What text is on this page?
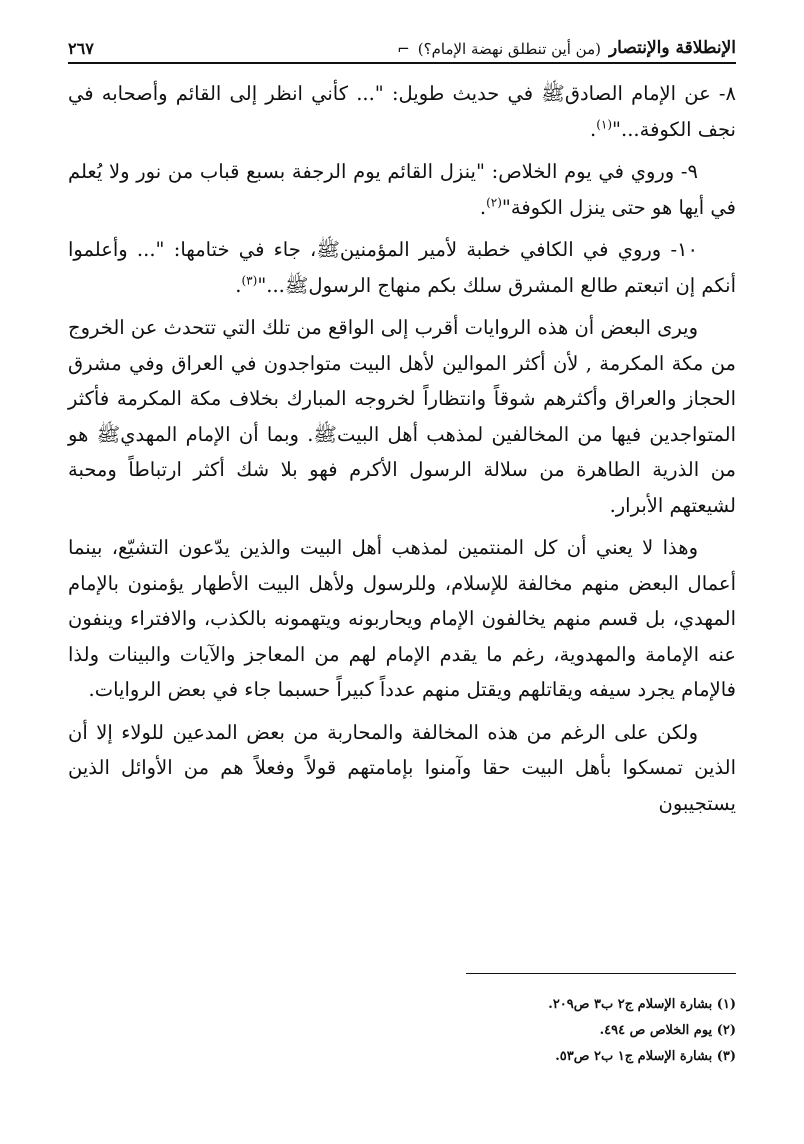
الإنطلاقة والإنتصار
(من أين تنطلق نهضة الإمام؟)
⌐
٢٦٧

٨- عن الإمام الصادقﷺ في حديث طويل: "... كأني انظر إلى القائم وأصحابه في نجف الكوفة..."$^{(١)}$.

٩- وروي في يوم الخلاص: "ينزل القائم يوم الرجفة بسبع قباب من نور ولا يُعلم في أيها هو حتى ينزل الكوفة"$^{(٢)}$.

١٠- وروي في الكافي خطبة لأمير المؤمنينﷺ، جاء في ختامها: "... وأعلموا أنكم إن اتبعتم طالع المشرق سلك بكم منهاج الرسولﷺ..."$^{(٣)}$.

ويرى البعض أن هذه الروايات أقرب إلى الواقع من تلك التي تتحدث عن الخروج من مكة المكرمة , لأن أكثر الموالين لأهل البيت متواجدون في العراق وفي مشرق الحجاز والعراق وأكثرهم شوقاً وانتظاراً لخروجه المبارك بخلاف مكة المكرمة فأكثر المتواجدين فيها من المخالفين لمذهب أهل البيتﷺ. وبما أن الإمام المهديﷺ هو من الذرية الطاهرة من سلالة الرسول الأكرم فهو بلا شك أكثر ارتباطاً ومحبة لشيعتهم الأبرار.

وهذا لا يعني أن كل المنتمين لمذهب أهل البيت والذين يدّعون التشيّع، بينما أعمال البعض منهم مخالفة للإسلام، وللرسول ولأهل البيت الأطهار يؤمنون بالإمام المهدي، بل قسم منهم يخالفون الإمام ويحاربونه ويتهمونه بالكذب، والافتراء وينفون عنه الإمامة والمهدوية، رغم ما يقدم الإمام لهم من المعاجز والآيات والبينات ولذا فالإمام يجرد سيفه ويقاتلهم ويقتل منهم عدداً كبيراً حسبما جاء في بعض الروايات.

ولكن على الرغم من هذه المخالفة والمحاربة من بعض المدعين للولاء إلا أن الذين تمسكوا بأهل البيت حقا وآمنوا بإمامتهم قولاً وفعلاً هم من الأوائل الذين يستجيبون

(١) بشارة الإسلام ج٢ ب٣ ص٢٠٩.

(٢) يوم الخلاص ص ٤٩٤.

(٣) بشارة الإسلام ج١ ب٢ ص٥٣.
